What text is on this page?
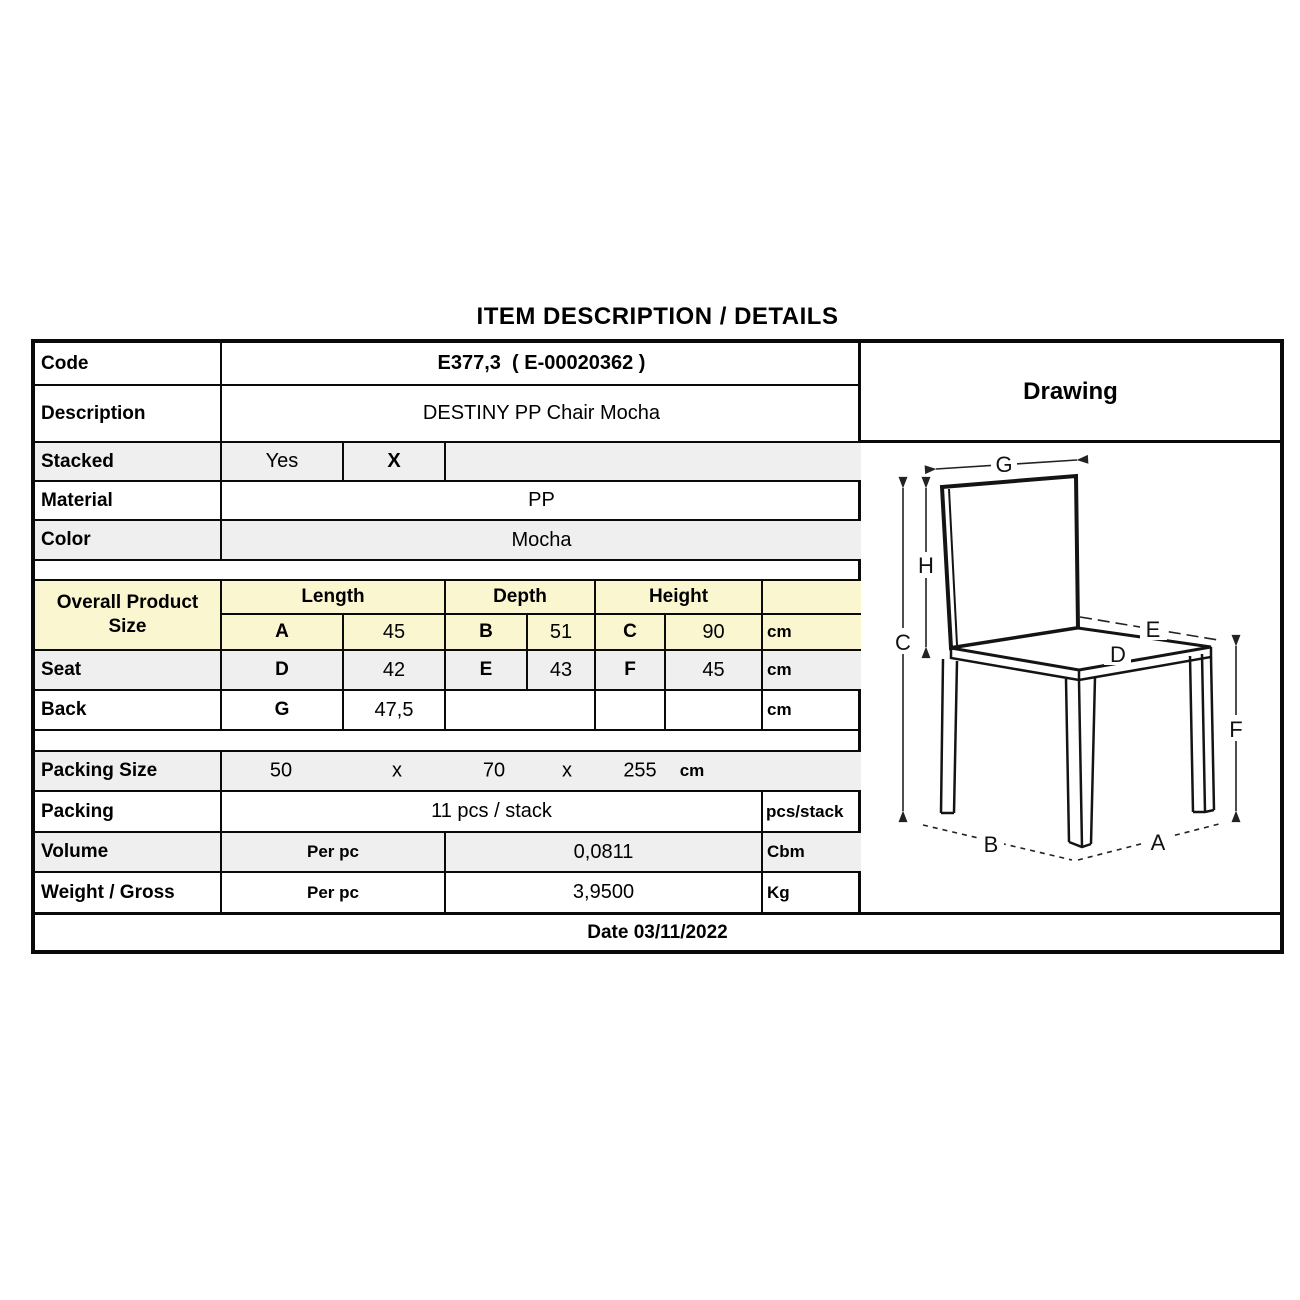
ITEM DESCRIPTION / DETAILS
Code	E377,3  ( E-00020362 )
Description	DESTINY PP Chair Mocha
Stacked	Yes	X
Material	PP
Color	Mocha
Overall Product Size
Length	Depth	Height
A	45	B	51	C	90	cm
Seat	D	42	E	43	F	45	cm
Back	G	47,5	cm
Packing Size	50	x	70	x	255 cm
Packing	11 pcs / stack	pcs/stack
Volume	Per pc	0,0811	Cbm
Weight / Gross	Per pc	3,9500	Kg
Drawing
G
H
C
E
D
F
B	A
Date 03/11/2022
